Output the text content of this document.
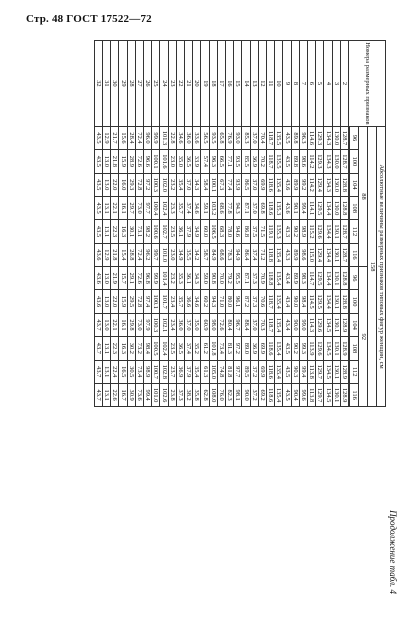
Стр. 48 ГОСТ 17522—72
Продолжение табл. 4
Номера размерных признаков	Абсолютные величины размерных признаков типовых фигур женщин, см											
	158											
	88						92					
	96	100	104	108	112	116	96	100	104	108	112	116

2	128.7	128.7	128.8	128.8	128.7	128.7	128.8	128.8	128.9	128.9	128.9	128.9
3	130.0	130.0	130.0	130.0	130.1	130.1	130.1	130.1	130.1	130.1	130.1	130.1
4	134.3	134.3	134.3	134.4	134.4	134.4	134.4	134.4	134.5	134.5	134.5	134.5
5	129.3	129.3	129.4	129.5	129.6	129.4	129.5	129.5	129.6	129.6	129.7	129.7
6	114.6	114.2	114.2	114.1	115.2	115.0	114.7	114.5	114.3	113.9	113.8	113.8
7	96.3	98.6	99.2	99.4	98.9	98.6	98.3	98.4	99.0	99.3	99.4	99.6
8	89.8	89.8	89.9	90.1	90.2	89.9	89.9	90.0	90.0	90.2	90.3	90.4
9	43.5	43.5	43.6	43.6	43.3	43.3	43.4	43.4	43.4	43.5	43.5	43.5
10	135.5	135.5	135.4	135.3	135.3	135.4	135.4	135.4	135.4	135.4	135.4	135.4
11	118.7	118.7	118.6	118.6	119.1	118.8	118.8	118.7	118.7	118.6	118.6	118.6
12	70.4	70.2	69.9	69.8	71.5	71.2	70.9	70.6	70.3	69.9	69.9	69.2
13	37.0	36.9	37.0	37.0	37.5	37.4	37.3	37.3	37.0	36.9	37.2	37.2
14	85.3	85.5	86.5	87.1	86.8	86.4	87.1	87.2	88.4	89.0	89.5	90.0
15	93.0	93.5	93.9	94.3	94.6	94.9	95.5	96.1	96.7	97.2	97.7	98.1
16	76.9	77.1	77.4	77.8	78.0	78.3	79.2	80.0	80.4	81.3	81.8	82.3
17	65.8	66.5	67.3	68.6	68.3	68.6	70.0	71.0	72.6	73.4	74.8	76.0
18	93.5	96.3	100.1	103.2	106.5	84.9	90.8	94.3	98.0	101.8	105.0	108.0
19	56.5	57.4	58.4	59.1	60.0	58.7	59.0	60.2	60.9	61.2	61.3	62.8
20	33.6	33.9	34.3	34.6	34.9	34.2	34.3	34.6	35.0	35.2	35.4	35.8
21	36.0	36.5	37.0	37.4	37.9	35.5	36.1	36.6	37.0	37.4	37.9	38.2
22	34.6	35.0	35.4	35.7	36.1	34.9	35.3	35.7	36.0	36.5	36.9	37.3
23	22.8	23.0	23.2	23.3	23.5	23.0	23.2	23.4	23.4	23.5	23.7	23.8
24	101.3	101.6	102.0	102.4	102.7	101.0	101.4	101.7	102.1	102.4	102.8	102.6
25	99.9	100.1	100.3	100.4	100.6	99.7	99.9	100.1	100.3	100.5	100.7	101.0
26	96.0	96.6	97.2	97.7	98.2	96.2	96.8	97.4	97.9	98.4	98.9	99.4
27	72.4	72.6	72.8	73.0	73.1	72.4	72.6	72.8	73.0	73.2	73.4	73.6
28	28.4	28.9	29.3	29.7	30.1	28.8	29.1	29.5	29.8	30.2	30.5	30.9
29	15.6	15.9	16.0	16.1	16.3	15.4	15.7	15.9	16.1	16.3	16.5	16.7
30	21.7	21.8	22.0	22.1	22.3	21.8	21.9	22.0	22.1	22.3	22.4	22.6
31	12.9	13.0	13.0	13.1	13.1	12.9	13.0	13.0	13.0	13.1	13.1	13.1
32	43.5	43.5	43.5	43.5	43.5	43.6	43.6	43.6	43.7	43.7	43.7	43.7
